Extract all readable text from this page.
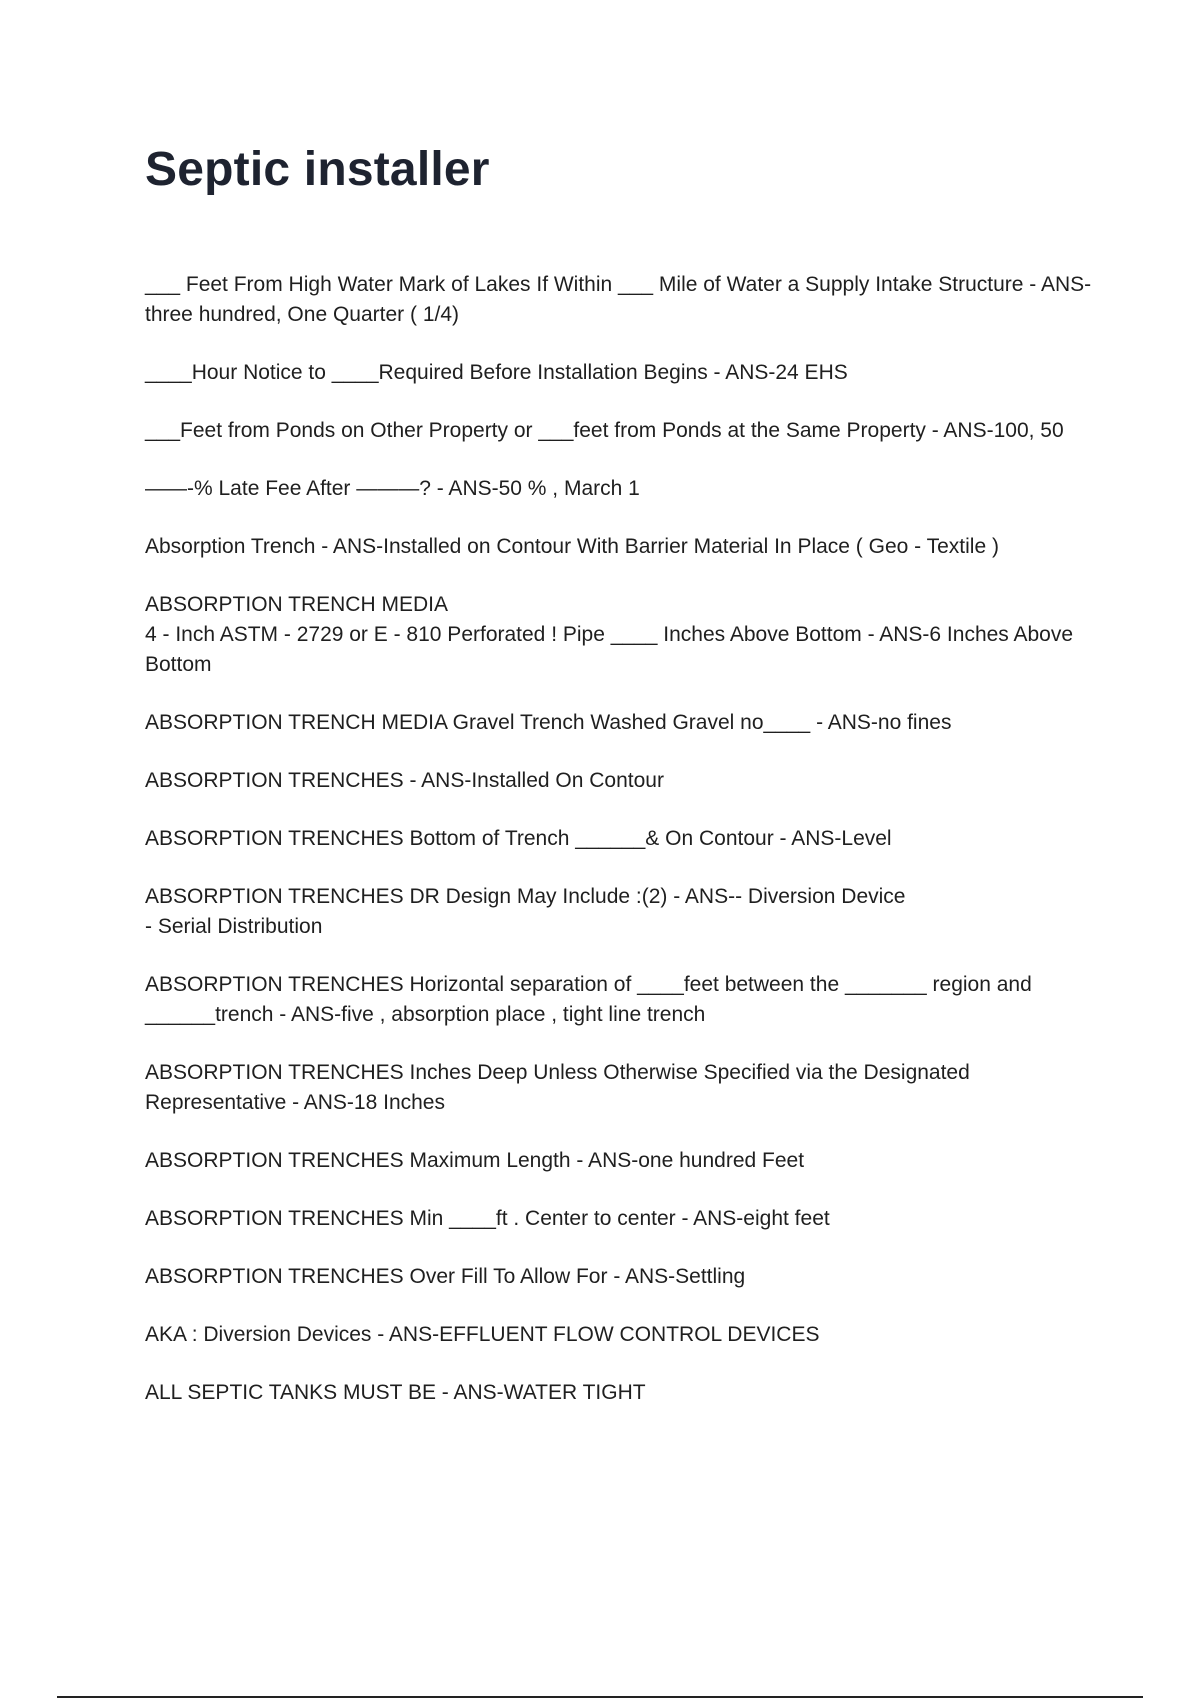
Septic installer
___ Feet From High Water Mark of Lakes If Within ___ Mile of Water a Supply Intake Structure - ANS-three hundred, One Quarter ( 1/4)
____Hour Notice to ____Required Before Installation Begins - ANS-24 EHS
___Feet from Ponds on Other Property or ___feet from Ponds at the Same Property - ANS-100, 50
——-% Late Fee After ———? - ANS-50 % , March 1
Absorption Trench - ANS-Installed on Contour With Barrier Material In Place ( Geo - Textile )
ABSORPTION TRENCH MEDIA
4 - Inch ASTM - 2729 or E - 810 Perforated ! Pipe ____ Inches Above Bottom - ANS-6 Inches Above Bottom
ABSORPTION TRENCH MEDIA Gravel Trench Washed Gravel no____ - ANS-no fines
ABSORPTION TRENCHES - ANS-Installed On Contour
ABSORPTION TRENCHES Bottom of Trench ______& On Contour - ANS-Level
ABSORPTION TRENCHES DR Design May Include :(2) - ANS-- Diversion Device
- Serial Distribution
ABSORPTION TRENCHES Horizontal separation of ____feet between the _______ region and ______trench - ANS-five , absorption place , tight line trench
ABSORPTION TRENCHES Inches Deep Unless Otherwise Specified via the Designated Representative - ANS-18 Inches
ABSORPTION TRENCHES Maximum Length - ANS-one hundred Feet
ABSORPTION TRENCHES Min ____ft . Center to center - ANS-eight feet
ABSORPTION TRENCHES Over Fill To Allow For - ANS-Settling
AKA : Diversion Devices - ANS-EFFLUENT FLOW CONTROL DEVICES
ALL SEPTIC TANKS MUST BE - ANS-WATER TIGHT
